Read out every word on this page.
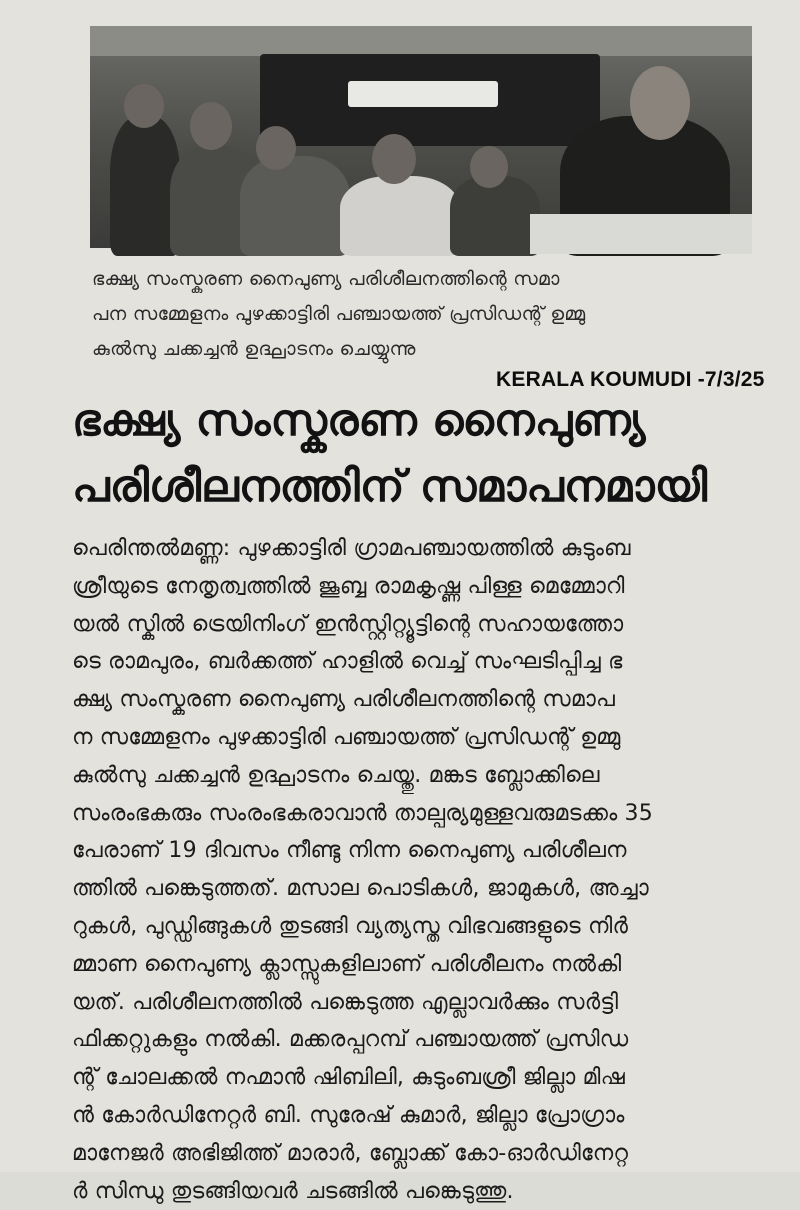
ഭക്ഷ്യ സംസ്കരണ നൈപുണ്യ പരിശീലനത്തിന്റെ സമാ
പന സമ്മേളനം പുഴക്കാട്ടിരി പഞ്ചായത്ത് പ്രസിഡന്റ് ഉമ്മു
കുൽസു ചക്കച്ചൻ ഉദ്ഘാടനം ചെയ്യുന്നു
KERALA KOUMUDI -7/3/25
ഭക്ഷ്യ സംസ്കരണ നൈപുണ്യ
പരിശീലനത്തിന് സമാപനമായി
പെരിന്തൽമണ്ണ: പുഴക്കാട്ടിരി ഗ്രാമപഞ്ചായത്തിൽ കുടുംബ
ശ്രീയുടെ നേതൃത്വത്തിൽ ജൂബ്ബ രാമകൃഷ്ണ പിള്ള മെമ്മോറി
യൽ സ്കിൽ ട്രെയിനിംഗ് ഇൻസ്റ്റിറ്റ്യൂട്ടിന്റെ സഹായത്തോ
ടെ രാമപുരം, ബർക്കത്ത് ഹാളിൽ വെച്ച് സംഘടിപ്പിച്ച ഭ
ക്ഷ്യ സംസ്കരണ നൈപുണ്യ പരിശീലനത്തിന്റെ സമാപ
ന സമ്മേളനം പുഴക്കാട്ടിരി പഞ്ചായത്ത് പ്രസിഡന്റ് ഉമ്മു
കുൽസു ചക്കച്ചൻ ഉദ്ഘാടനം ചെയ്തു. മങ്കട ബ്ലോക്കിലെ
സംരംഭകരും സംരംഭകരാവാൻ താല്പര്യമുള്ളവരുമടക്കം 35
പേരാണ് 19 ദിവസം നീണ്ടു നിന്ന നൈപുണ്യ പരിശീലന
ത്തിൽ പങ്കെടുത്തത്. മസാല പൊടികൾ, ജാമുകൾ, അച്ചാ
റുകൾ, പുഡ്ഡിങ്ങുകൾ തുടങ്ങി വ്യത്യസ്ത വിഭവങ്ങളുടെ നിർ
മ്മാണ നൈപുണ്യ ക്ലാസ്സുകളിലാണ് പരിശീലനം നൽകി
യത്. പരിശീലനത്തിൽ പങ്കെടുത്ത എല്ലാവർക്കും സർട്ടി
ഫിക്കറ്റുകളും നൽകി. മക്കരപ്പറമ്പ് പഞ്ചായത്ത് പ്രസിഡ
ന്റ് ചോലക്കൽ നഹ്മാൻ ഷിബിലി, കുടുംബശ്രീ ജില്ലാ മിഷ
ൻ കോർഡിനേറ്റർ ബി. സുരേഷ് കുമാർ, ജില്ലാ പ്രോഗ്രാം
മാനേജർ അഭിജിത്ത് മാരാർ, ബ്ലോക്ക് കോ-ഓർഡിനേറ്റ
ർ സിന്ധു തുടങ്ങിയവർ ചടങ്ങിൽ പങ്കെടുത്തു.
